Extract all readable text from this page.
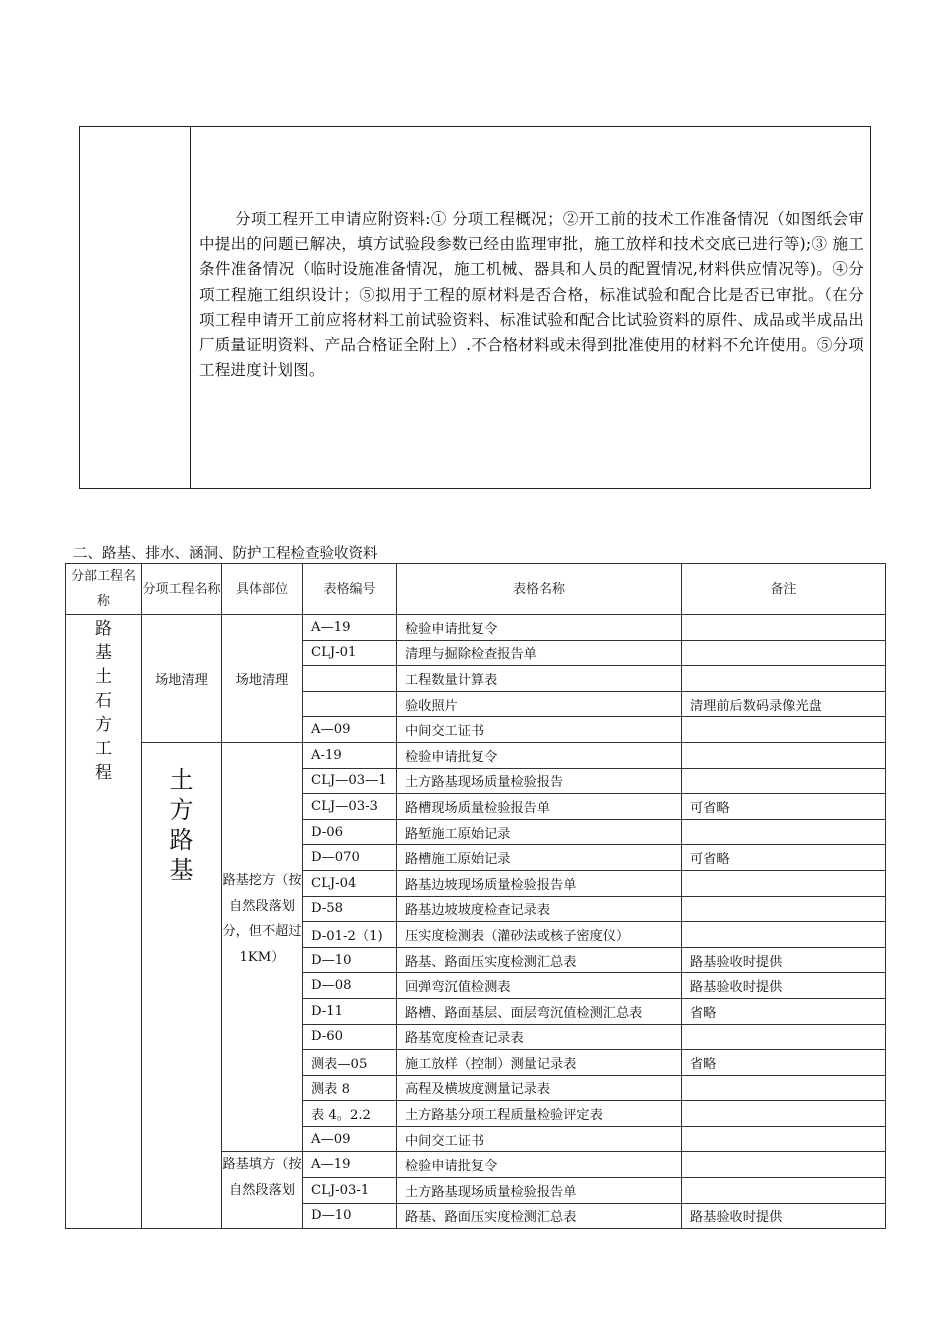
分项工程开工申请应附资料:① 分项工程概况；②开工前的技术工作准备情况（如图纸会审中提出的问题已解决，填方试验段参数已经由监理审批，施工放样和技术交底已进行等);③ 施工条件准备情况（临时设施准备情况，施工机械、器具和人员的配置情况,材料供应情况等)。④分项工程施工组织设计；⑤拟用于工程的原材料是否合格，标准试验和配合比是否已审批。（在分项工程申请开工前应将材料工前试验资料、标准试验和配合比试验资料的原件、成品或半成品出厂质量证明资料、产品合格证全附上）.不合格材料或未得到批准使用的材料不允许使用。⑤分项工程进度计划图。
二、路基、排水、涵洞、防护工程检查验收资料
分部工程名称	分项工程名称	具体部位	表格编号	表格名称	备注

路基土石方工程	场地清理	场地清理	A—19	检验申请批复令	
			CLJ-01	清理与掘除检查报告单	
				工程数量计算表	
				验收照片	清理前后数码录像光盘
			A—09	中间交工证书	

	土方路基	路基挖方（按自然段落划分，但不超过1KM）	A-19	检验申请批复令	
			CLJ—03—1	土方路基现场质量检验报告	
			CLJ—03-3	路槽现场质量检验报告单	可省略
			D-06	路堑施工原始记录	
			D—070	路槽施工原始记录	可省略
			CLJ-04	路基边坡现场质量检验报告单	
			D-58	路基边坡坡度检查记录表	
			D-01-2（1)	压实度检测表（灌砂法或核子密度仪）	
			D—10	路基、路面压实度检测汇总表	路基验收时提供
			D—08	回弹弯沉值检测表	路基验收时提供
			D-11	路槽、路面基层、面层弯沉值检测汇总表	省略
			D-60	路基宽度检查记录表	
			测表—05	施工放样（控制）测量记录表	省略
			测表 8	高程及横坡度测量记录表	
			表 4。2.2	土方路基分项工程质量检验评定表	
			A—09	中间交工证书	

		路基填方（按自然段落划	A—19	检验申请批复令	
			CLJ-03-1	土方路基现场质量检验报告单	
			D—10	路基、路面压实度检测汇总表	路基验收时提供
